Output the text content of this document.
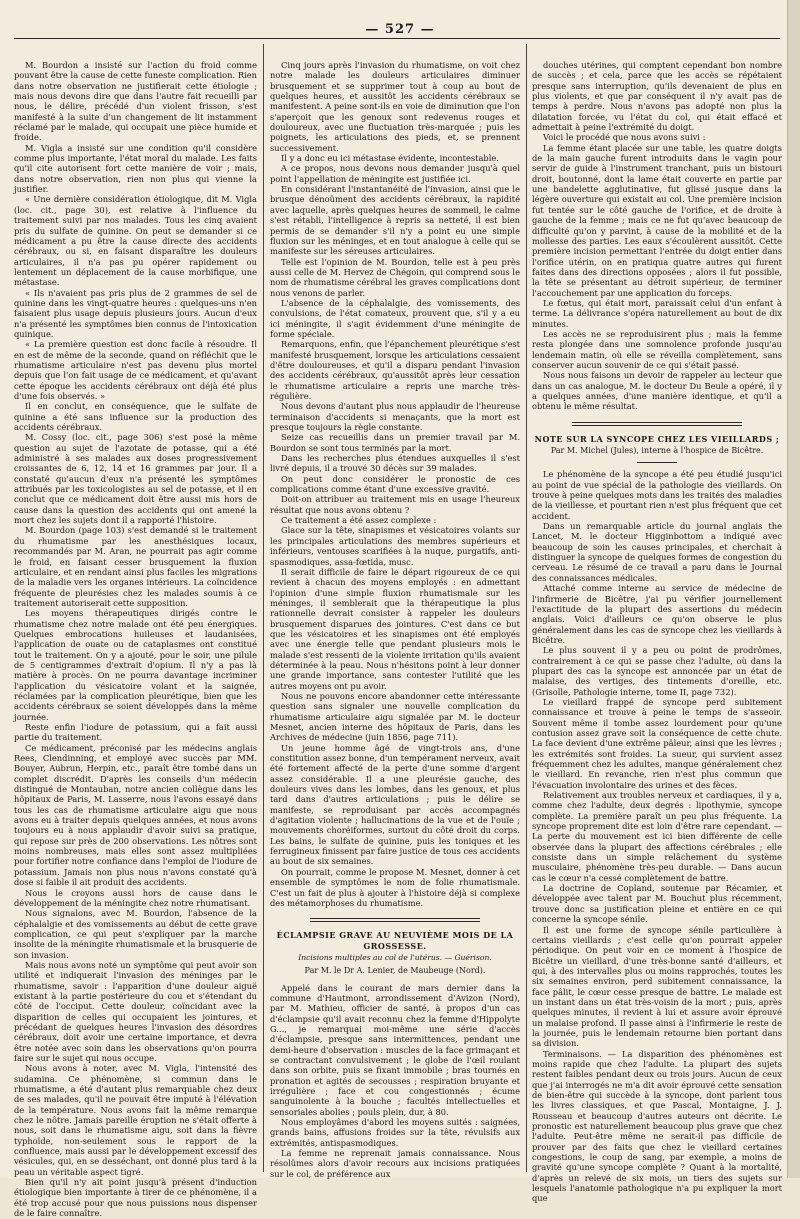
— 527 —

M. Bourdon a insisté sur l'action du froid comme pouvant être la cause de cette funeste complication. Rien dans notre observation ne justifierait cette étiologie ; mais nous devons dire que dans l'autre fait recueilli par nous, le délire, précédé d'un violent frisson, s'est manifesté à la suite d'un changement de lit instamment réclamé par le malade, qui occupait une pièce humide et froide.

M. Vigla a insisté sur une condition qu'il considère comme plus importante, l'état moral du malade. Les faits qu'il cite autorisent fort cette manière de voir ; mais, dans notre observation, rien non plus qui vienne la justifier.

« Une dernière considération étiologique, dit M. Vigla (loc. cit., page 30), est relative à l'influence du traitement suivi par nos malades. Tous les cinq avaient pris du sulfate de quinine. On peut se demander si ce médicament a pu être la cause directe des accidents cérébraux, ou si, en faisant disparaître les douleurs articulaires, il n'a pas pu opérer rapidement ou lentement un déplacement de la cause morbifique, une métastase.

« Ils n'avaient pas pris plus de 2 grammes de sel de quinine dans les vingt-quatre heures : quelques-uns n'en faisaient plus usage depuis plusieurs jours. Aucun d'eux n'a présenté les symptômes bien connus de l'intoxication quinique.

« La première question est donc facile à résoudre. Il en est de même de la seconde, quand on réfléchit que le rhumatisme articulaire n'est pas devenu plus mortel depuis que l'on fait usage de ce médicament, et qu'avant cette époque les accidents cérébraux ont déjà été plus d'une fois observés. »

Il en conclut, en conséquence, que le sulfate de quinine a été sans influence sur la production des accidents cérébraux.

M. Cossy (loc. cit., page 306) s'est posé la même question au sujet de l'azotate de potasse, qui a été administré à ses malades aux doses progressivement croissantes de 6, 12, 14 et 16 grammes par jour. Il a constaté qu'aucun d'eux n'a présenté les symptômes attribués par les toxicologistes au sel de potasse, et il en conclut que ce médicament doit être aussi mis hors de cause dans la question des accidents qui ont amené la mort chez les sujets dont il a rapporté l'histoire.

M. Bourdon (page 103) s'est demandé si le traitement du rhumatisme par les anesthésiques locaux, recommandés par M. Aran, ne pourrait pas agir comme le froid, en faisant cesser brusquement la fluxion articulaire, et en rendant ainsi plus faciles les migrations de la maladie vers les organes intérieurs. La coïncidence fréquente de pleurésies chez les malades soumis à ce traitement autoriserait cette supposition.

Les moyens thérapeutiques dirigés contre le rhumatisme chez notre malade ont été peu énergiques. Quelques embrocations huileuses et laudanisées, l'application de ouate ou de cataplasmes ont constitué tout le traitement. On y a ajouté, pour le soir, une pilule de 5 centigrammes d'extrait d'opium. Il n'y a pas là matière à procès. On ne pourra davantage incriminer l'application du vésicatoire volant et la saignée, réclamées par la complication pleurétique, bien que les accidents cérébraux se soient développés dans la même journée.

Reste enfin l'iodure de potassium, qui a fait aussi partie du traitement.

Ce médicament, préconisé par les médecins anglais Rees, Clendinning, et employé avec succès par MM. Bouyer, Aubrun, Herpin, etc., paraît être tombé dans un complet discrédit. D'après les conseils d'un médecin distingué de Montauban, notre ancien collègue dans les hôpitaux de Paris, M. Lasserre, nous l'avons essayé dans tous les cas de rhumatisme articulaire aigu que nous avons eu à traiter depuis quelques années, et nous avons toujours eu à nous applaudir d'avoir suivi sa pratique, qui repose sur près de 200 observations. Les nôtres sont moins nombreuses, mais elles sont assez multipliées pour fortifier notre confiance dans l'emploi de l'iodure de potassium. Jamais non plus nous n'avons constaté qu'à dose si faible il ait produit des accidents.

Nous le croyons aussi hors de cause dans le développement de la méningite chez notre rhumatisant.

Nous signalons, avec M. Bourdon, l'absence de la céphalalgie et des vomissements au début de cette grave complication, ce qui peut s'expliquer par la marche insolite de la méningite rhumatismale et la brusquerie de son invasion.

Mais nous avons noté un symptôme qui peut avoir son utilité et indiquerait l'invasion des méninges par le rhumatisme, savoir : l'apparition d'une douleur aiguë existant à la partie postérieure du cou et s'étendant du côté de l'occiput. Cette douleur, coïncidant avec la disparition de celles qui occupaient les jointures, et précédant de quelques heures l'invasion des désordres cérébraux, doit avoir une certaine importance, et devra être notée avec soin dans les observations qu'on pourra faire sur le sujet qui nous occupe.

Nous avons à noter, avec M. Vigla, l'intensité des sudamina. Ce phénomène, si commun dans le rhumatisme, a été d'autant plus remarquable chez deux de ses malades, qu'il ne pouvait être imputé à l'élévation de la température. Nous avons fait la même remarque chez le nôtre. Jamais pareille éruption ne s'était offerte à nous, soit dans le rhumatisme aigu, soit dans la fièvre typhoïde, non-seulement sous le rapport de la confluence, mais aussi par le développement excessif des vésicules, qui, en se desséchant, ont donné plus tard à la peau un véritable aspect tigré.

Bien qu'il n'y ait point jusqu'à présent d'induction étiologique bien importante à tirer de ce phénomène, il a été trop accusé pour que nous puissions nous dispenser de le faire connaître.

Cinq jours après l'invasion du rhumatisme, on voit chez notre malade les douleurs articulaires diminuer brusquement et se supprimer tout à coup au bout de quelques heures, et aussitôt les accidents cérébraux se manifestent. A peine sont-ils en voie de diminution que l'on s'aperçoit que les genoux sont redevenus rouges et douloureux, avec une fluctuation très-marquée ; puis les poignets, les articulations des pieds, et, se prennent successivement.

Il y a donc eu ici métastase évidente, incontestable.

A ce propos, nous devons nous demander jusqu'à quel point l'appellation de méningite est justifiée ici.

En considérant l'instantanéité de l'invasion, ainsi que le brusque dénoûment des accidents cérébraux, la rapidité avec laquelle, après quelques heures de sommeil, le calme s'est rétabli, l'intelligence à repris sa netteté, il est bien permis de se demander s'il n'y a point eu une simple fluxion sur les méninges, et en tout analogue à celle qui se manifeste sur les séreuses articulaires.

Telle est l'opinion de M. Bourdon, telle est à peu près aussi celle de M. Hervez de Chégoin, qui comprend sous le nom de rhumatisme cérébral les graves complications dont nous venons de parler.

L'absence de la céphalalgie, des vomissements, des convulsions, de l'état comateux, prouvent que, s'il y a eu ici méningite, il s'agit évidemment d'une méningite de forme spéciale.

Remarquons, enfin, que l'épanchement pleurétique s'est manifesté brusquement, lorsque les articulations cessaient d'être douloureuses, et qu'il a disparu pendant l'invasion des accidents cérébraux, qu'aussitôt après leur cessation le rhumatisme articulaire a repris une marche très-régulière.

Nous devons d'autant plus nous applaudir de l'heureuse terminaison d'accidents si menaçants, que la mort est presque toujours la règle constante.

Seize cas recueillis dans un premier travail par M. Bourdon se sont tous terminés par la mort.

Dans les recherches plus étendues auxquelles il s'est livré depuis, il a trouvé 30 décès sur 39 malades.

On peut donc considérer le pronostic de ces complications comme étant d'une excessive gravité.

Doit-on attribuer au traitement mis en usage l'heureux résultat que nous avons obtenu ?

Ce traitement a été assez complexe :

Glace sur la tête, sinapismes et vésicatoires volants sur les principales articulations des membres supérieurs et inférieurs, ventouses scarifiées à la nuque, purgatifs, anti-spasmodiques, assa-fœtida, musc.

Il serait difficile de faire le départ rigoureux de ce qui revient à chacun des moyens employés : en admettant l'opinion d'une simple fluxion rhumatismale sur les méninges, il semblerait que la thérapeutique la plus rationnelle devrait consister à rappeler les douleurs brusquement disparues des jointures. C'est dans ce but que les vésicatoires et les sinapismes ont été employés avec une énergie telle que pendant plusieurs mois le malade s'est ressenti de la violente irritation qu'ils avaient déterminée à la peau. Nous n'hésitons point à leur donner une grande importance, sans contester l'utilité que les autres moyens ont pu avoir.

Nous ne pouvons encore abandonner cette intéressante question sans signaler une nouvelle complication du rhumatisme articulaire aigu signalée par M. le docteur Mesnet, ancien interne des hôpitaux de Paris, dans les Archives de médecine (juin 1856, page 711).

Un jeune homme âgé de vingt-trois ans, d'une constitution assez bonne, d'un tempérament nerveux, avait été fortement affecté de la perte d'une somme d'argent assez considérable. Il a une pleurésie gauche, des douleurs vives dans les lombes, dans les genoux, et plus tard dans d'autres articulations ; puis le délire se manifeste, se reproduisant par accès accompagnés d'agitation violente ; hallucinations de la vue et de l'ouïe ; mouvements choréiformes, surtout du côté droit du corps. Les bains, le sulfate de quinine, puis les toniques et les ferrugineux finissent par faire justice de tous ces accidents au bout de six semaines.

On pourrait, comme le propose M. Mesnet, donner à cet ensemble de symptômes le nom de folie rhumatismale. C'est un fait de plus à ajouter à l'histoire déjà si complexe des métamorphoses du rhumatisme.

ÉCLAMPSIE GRAVE AU NEUVIÈME MOIS DE LA GROSSESSE.
Incisions multiples au col de l'utérus. — Guérison.
Par M. le Dr A. Lenier, de Maubeuge (Nord).

Appelé dans le courant de mars dernier dans la commune d'Hautmont, arrondissement d'Avizon (Nord), par M. Mathieu, officier de santé, à propos d'un cas d'éclampsie qu'il avait reconnu chez la femme d'Hippolyte G..., je remarquai moi-même une série d'accès d'éclampsie, presque sans intermittences, pendant une demi-heure d'observation : muscles de la face grimaçant et se contractant convulsivement ; le globe de l'œil roulant dans son orbite, puis se fixant immobile ; bras tournés en pronation et agités de secousses ; respiration bruyante et irrégulière ; face et cou congestionnés ; écume sanguinolente à la bouche ; facultés intellectuelles et sensoriales abolies ; pouls plein, dur, à 80.

Nous employâmes d'abord les moyens suités : saignées, grands bains, affusions froides sur la tête, révulsifs aux extrémités, antispasmodiques.

La femme ne reprenait jamais connaissance. Nous résolûmes alors d'avoir recours aux incisions pratiquées sur le col, de préférence aux

douches utérines, qui comptent cependant bon nombre de succès ; et cela, parce que les accès se répétaient presque sans interruption, qu'ils devenaient de plus en plus violents, et que par conséquent il n'y avait pas de temps à perdre. Nous n'avons pas adopté non plus la dilatation forcée, vu l'état du col, qui était effacé et admettait à peine l'extrémité du doigt.

Voici le procédé que nous avons suivi :

La femme étant placée sur une table, les quatre doigts de la main gauche furent introduits dans le vagin pour servir de guide à l'instrument tranchant, puis un bistouri droit, boutonné, dont la lame était couverte en partie par une bandelette agglutinative, fut glissé jusque dans la légère ouverture qui existait au col. Une première incision fut tentée sur le côté gauche de l'orifice, et de droite à gauche de la femme ; mais ce ne fut qu'avec beaucoup de difficulté qu'on y parvint, à cause de la mobilité et de la mollesse des parties. Les eaux s'écoulèrent aussitôt. Cette première incision permettant l'entrée du doigt entier dans l'orifice utérin, on en pratiqua quatre autres qui furent faites dans des directions opposées ; alors il fut possible, la tête se présentant au détroit supérieur, de terminer l'accouchement par une application du forceps.

Le fœtus, qui était mort, paraissait celui d'un enfant à terme. La délivrance s'opéra naturellement au bout de dix minutes.

Les accès ne se reproduisirent plus ; mais la femme resta plongée dans une somnolence profonde jusqu'au lendemain matin, où elle se réveilla complètement, sans conserver aucun souvenir de ce qui s'était passé.

Nous nous faisons un devoir de rappeler au lecteur que dans un cas analogue, M. le docteur Du Beule a opéré, il y a quelques années, d'une manière identique, et qu'il a obtenu le même résultat.

NOTE SUR LA SYNCOPE CHEZ LES VIEILLARDS ;
Par M. Michel (Jules), interne à l'hospice de Bicêtre.

Le phénomène de la syncope a été peu étudié jusqu'ici au point de vue spécial de la pathologie des vieillards. On trouve à peine quelques mots dans les traités des maladies de la vieillesse, et pourtant rien n'est plus fréquent que cet accident.

Dans un remarquable article du journal anglais the Lancet, M. le docteur Higginbottom a indiqué avec beaucoup de soin les causes principales, et cherchait à distinguer la syncope de quelques formes de congestion du cerveau. Le résumé de ce travail a paru dans le Journal des connaissances médicales.

Attaché comme interne au service de médecine de l'infirmerie de Bicêtre, j'ai pu vérifier journellement l'exactitude de la plupart des assertions du médecin anglais. Voici d'ailleurs ce qu'on observe le plus généralement dans les cas de syncope chez les vieillards à Bicêtre.

Le plus souvent il y a peu ou point de prodrômes, contrairement à ce qui se passe chez l'adulte, où dans la plupart des cas la syncope est annoncée par un état de malaise, des vertiges, des tintements d'oreille, etc. (Grisolle, Pathologie interne, tome II, page 732).

Le vieillard frappé de syncope perd subitement connaissance et trouve à peine le temps de s'asseoir. Souvent même il tombe assez lourdement pour qu'une contusion assez grave soit la conséquence de cette chute. La face devient d'une extrême pâleur, ainsi que les lèvres ; les extrémités sont froides. La sueur, qui survient assez fréquemment chez les adultes, manque généralement chez le vieillard. En revanche, rien n'est plus commun que l'évacuation involontaire des urines et des fèces.

Relativement aux troubles nerveux et cardiaques, il y a, comme chez l'adulte, deux degrés : lipothymie, syncope complète. La première paraît un peu plus fréquente. La syncope proprement dite est loin d'être rare cependant. — La perte du mouvement est ici bien différente de celle observée dans la plupart des affections cérébrales ; elle consiste dans un simple relâchement du système musculaire, phénomène très-peu durable. — Dans aucun cas le cœur n'a cessé complètement de battre.

La doctrine de Copland, soutenue par Récamier, et développée avec talent par M. Bouchut plus récemment, trouve donc sa justification pleine et entière en ce qui concerne la syncope sénile.

Il est une forme de syncope sénile particulière à certains vieillards ; c'est celle qu'on pourrait appeler périodique. On peut voir en ce moment à l'hospice de Bicêtre un vieillard, d'une très-bonne santé d'ailleurs, et qui, à des intervalles plus ou moins rapprochés, toutes les six semaines environ, perd subitement connaissance, la face pâlit, le cœur cesse presque de battre. Le malade est un instant dans un état très-voisin de la mort ; puis, après quelques minutes, il revient à lui et assure avoir éprouvé un malaise profond. Il passe ainsi à l'infirmerie le reste de la journée, puis le lendemain retourne bien portant dans sa division.

Terminaisons. — La disparition des phénomènes est moins rapide que chez l'adulte. La plupart des sujets restent faibles pendant deux ou trois jours. Aucun de ceux que j'ai interrogés ne m'a dit avoir éprouvé cette sensation de bien-être qui succède à la syncope, dont parlent tous les livres classiques, et que Pascal, Montaigne, J. J. Rousseau et beaucoup d'autres auteurs ont décrite. Le pronostic est naturellement beaucoup plus grave que chez l'adulte. Peut-être même ne serait-il pas difficile de prouver par des faits que chez le vieillard certaines congestions, le coup de sang, par exemple, a moins de gravité qu'une syncope complète ? Quant à la mortalité, d'après un relevé de six mois, un tiers des sujets sur lesquels l'anatomie pathologique n'a pu expliquer la mort que
